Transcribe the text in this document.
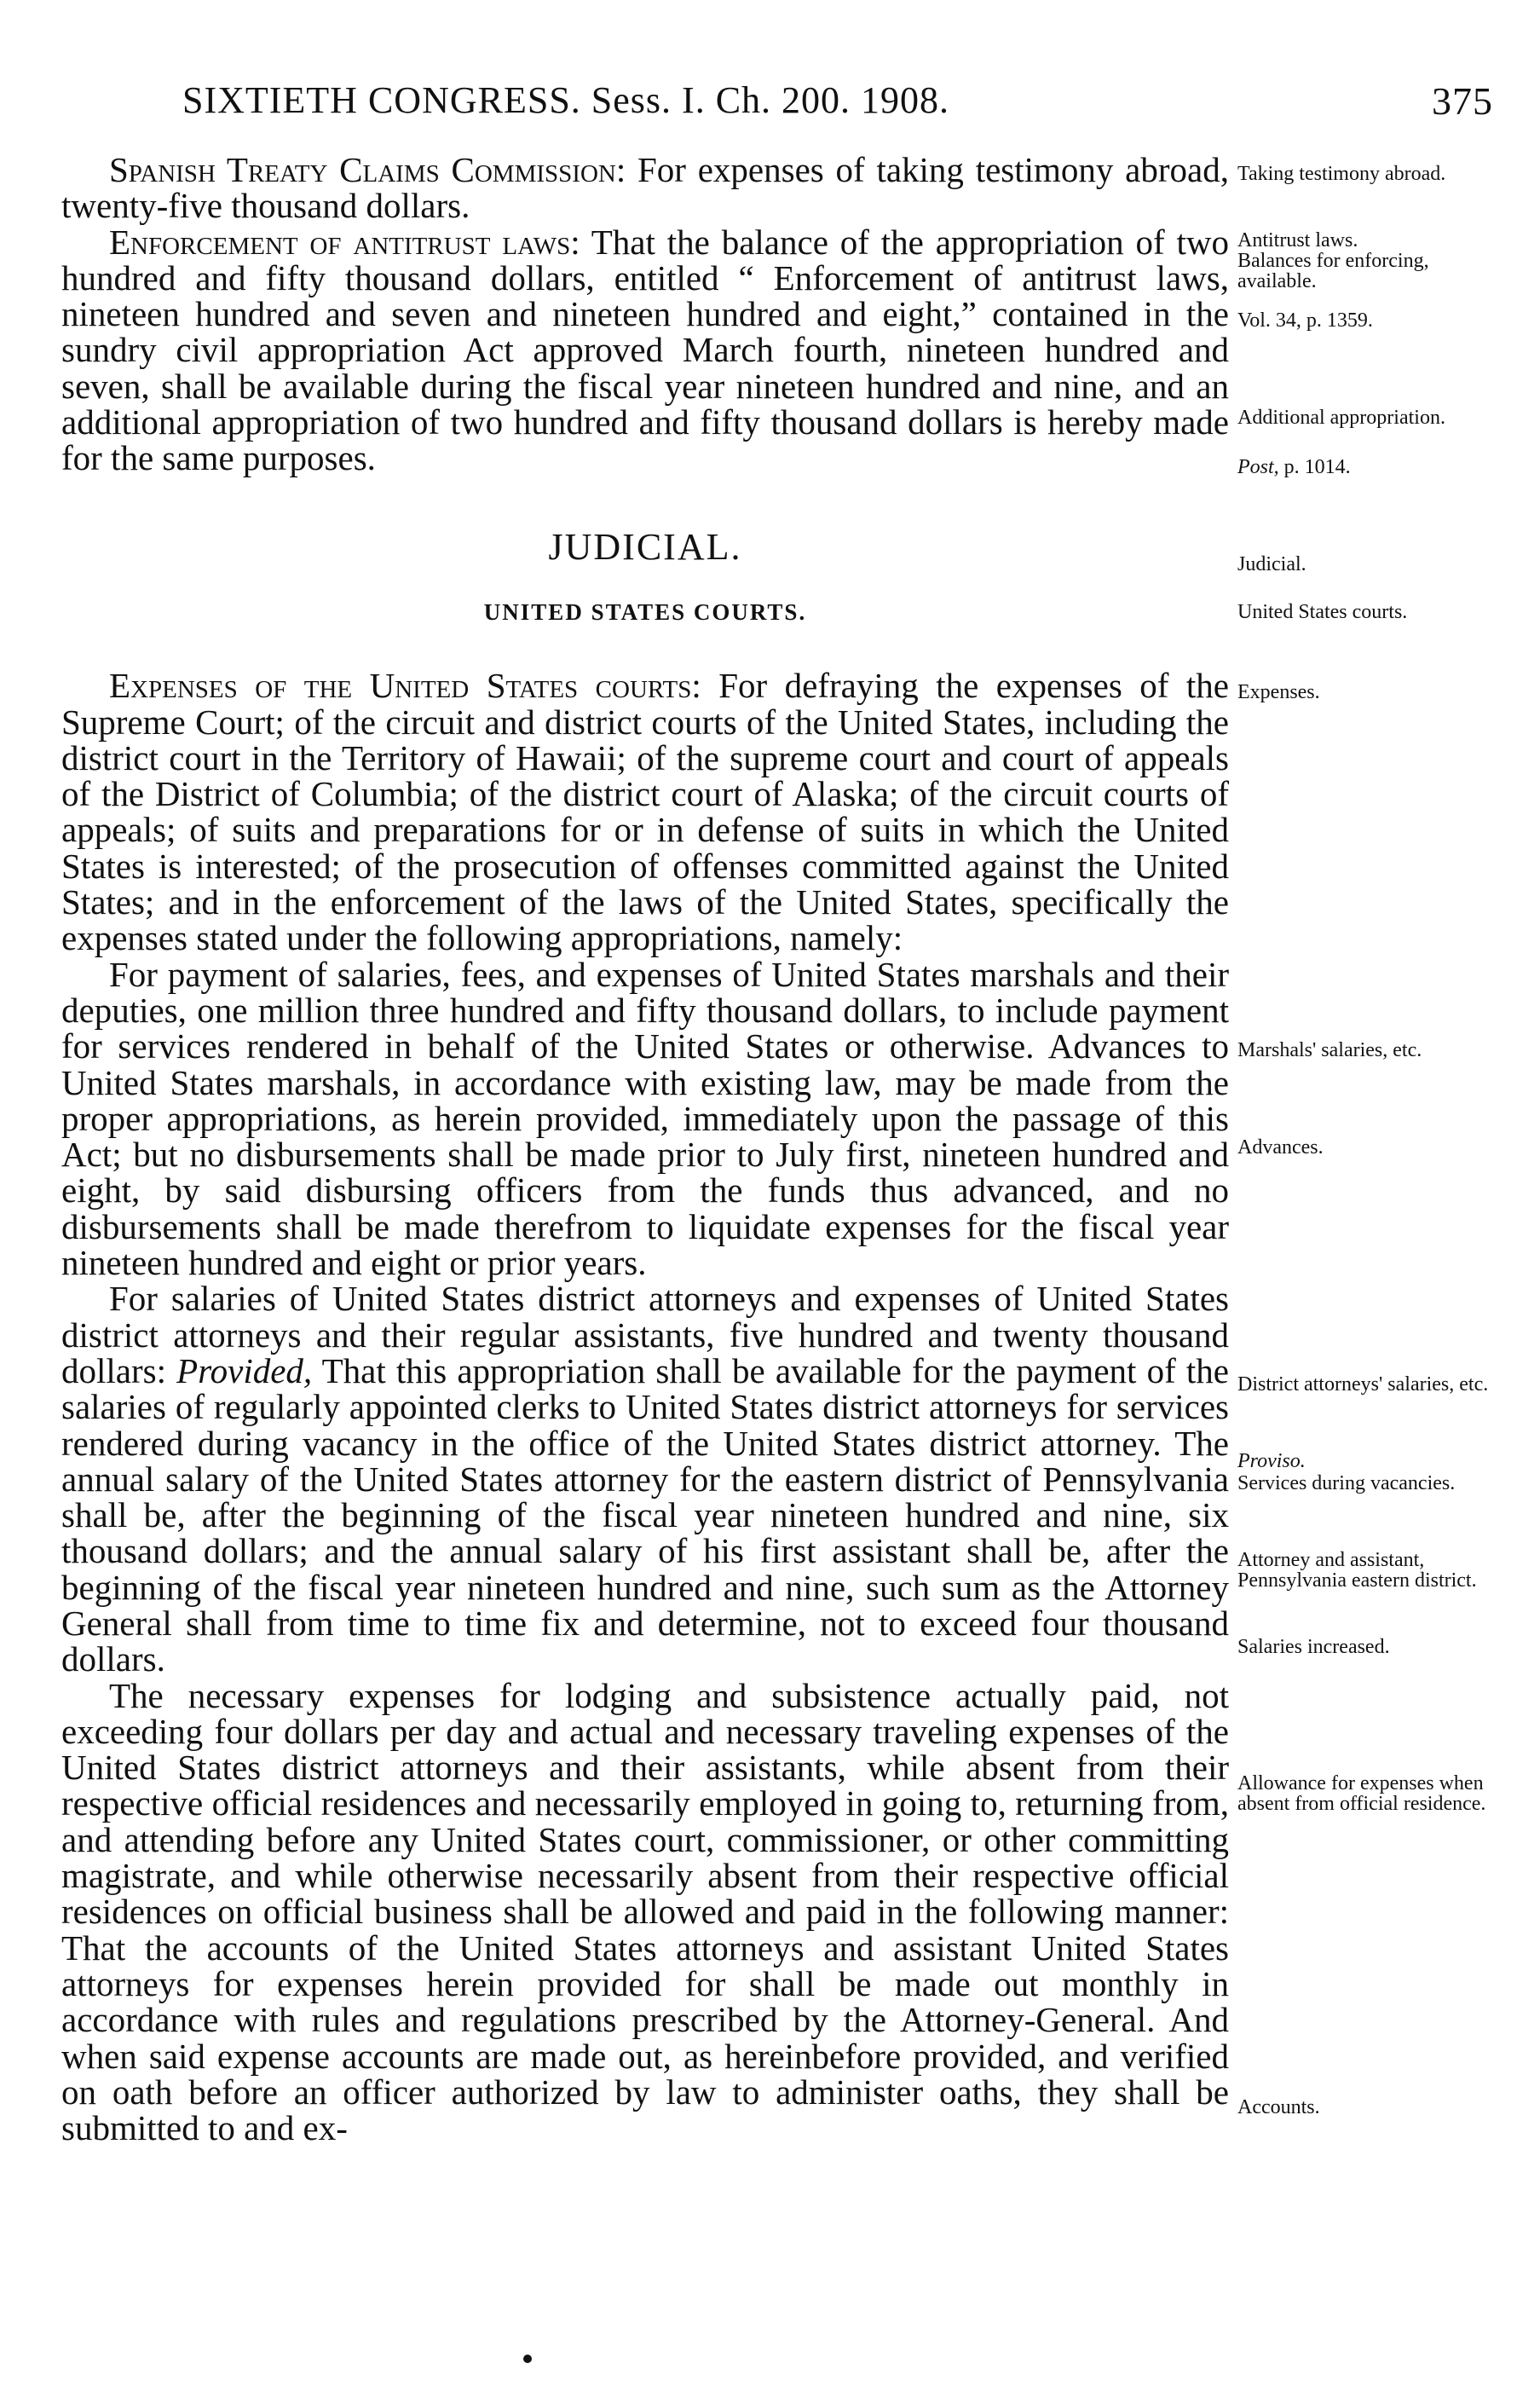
SIXTIETH CONGRESS. Sess. I. Ch. 200. 1908.	375

Spanish Treaty Claims Commission: For expenses of taking testimony abroad, twenty-five thousand dollars.

Enforcement of antitrust laws: That the balance of the appropriation of two hundred and fifty thousand dollars, entitled “ Enforcement of antitrust laws, nineteen hundred and seven and nineteen hundred and eight,” contained in the sundry civil appropriation Act approved March fourth, nineteen hundred and seven, shall be available during the fiscal year nineteen hundred and nine, and an additional appropriation of two hundred and fifty thousand dollars is hereby made for the same purposes.

JUDICIAL.
UNITED STATES COURTS.

Expenses of the United States courts: For defraying the expenses of the Supreme Court; of the circuit and district courts of the United States, including the district court in the Territory of Hawaii; of the supreme court and court of appeals of the District of Columbia; of the district court of Alaska; of the circuit courts of appeals; of suits and preparations for or in defense of suits in which the United States is interested; of the prosecution of offenses committed against the United States; and in the enforcement of the laws of the United States, specifically the expenses stated under the following appropriations, namely:

For payment of salaries, fees, and expenses of United States marshals and their deputies, one million three hundred and fifty thousand dollars, to include payment for services rendered in behalf of the United States or otherwise. Advances to United States marshals, in accordance with existing law, may be made from the proper appropriations, as herein provided, immediately upon the passage of this Act; but no disbursements shall be made prior to July first, nineteen hundred and eight, by said disbursing officers from the funds thus advanced, and no disbursements shall be made therefrom to liquidate expenses for the fiscal year nineteen hundred and eight or prior years.

For salaries of United States district attorneys and expenses of United States district attorneys and their regular assistants, five hundred and twenty thousand dollars: Provided, That this appropriation shall be available for the payment of the salaries of regularly appointed clerks to United States district attorneys for services rendered during vacancy in the office of the United States district attorney. The annual salary of the United States attorney for the eastern district of Pennsylvania shall be, after the beginning of the fiscal year nineteen hundred and nine, six thousand dollars; and the annual salary of his first assistant shall be, after the beginning of the fiscal year nineteen hundred and nine, such sum as the Attorney General shall from time to time fix and determine, not to exceed four thousand dollars.

The necessary expenses for lodging and subsistence actually paid, not exceeding four dollars per day and actual and necessary traveling expenses of the United States district attorneys and their assistants, while absent from their respective official residences and necessarily employed in going to, returning from, and attending before any United States court, commissioner, or other committing magistrate, and while otherwise necessarily absent from their respective official residences on official business shall be allowed and paid in the following manner: That the accounts of the United States attorneys and assistant United States attorneys for expenses herein provided for shall be made out monthly in accordance with rules and regulations prescribed by the Attorney-General. And when said expense accounts are made out, as hereinbefore provided, and verified on oath before an officer authorized by law to administer oaths, they shall be submitted to and ex-

Taking testimony abroad.
Antitrust laws.
Balances for enforcing, available.
Vol. 34, p. 1359.
Additional appropriation.
Post, p. 1014.
Judicial.
United States courts.
Expenses.
Marshals' salaries, etc.
Advances.
District attorneys' salaries, etc.
Proviso.
Services during vacancies.
Attorney and assistant, Pennsylvania eastern district.
Salaries increased.
Allowance for expenses when absent from official residence.
Accounts.
